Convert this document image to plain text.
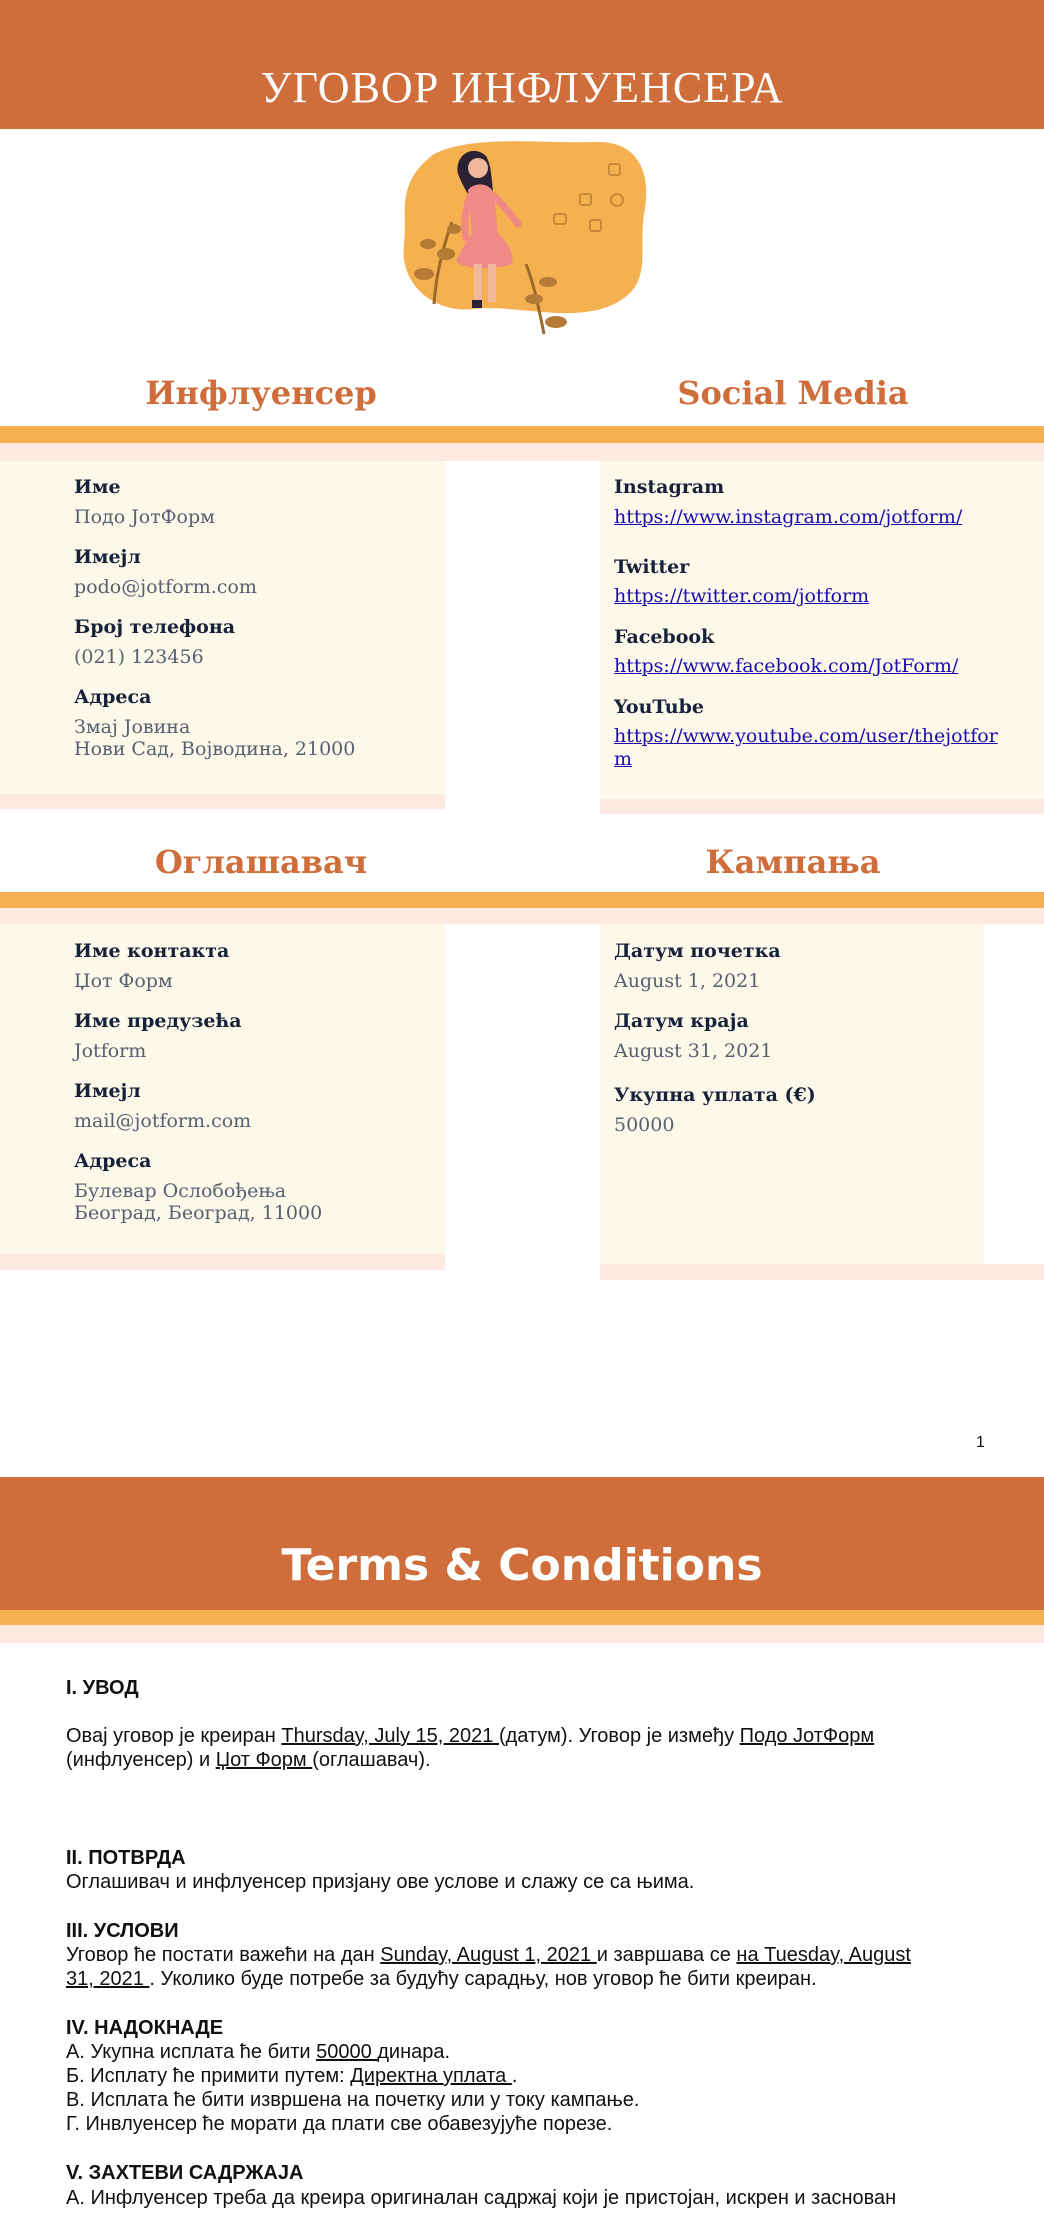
УГОВОР ИНФЛУЕНСЕРА
Инфлуенсер	Social Media
Име
Подо ЈотФорм
Имејл
podo@jotform.com
Број телефона
(021) 123456
Адреса
Змај Јовина
Нови Сад, Војводина, 21000
Instagram
https://www.instagram.com/jotform/
Twitter
https://twitter.com/jotform
Facebook
https://www.facebook.com/JotForm/
YouTube
https://www.youtube.com/user/thejotfor
m
Оглашавач	Кампања
Име контакта
Џот Форм
Име предузећа
Jotform
Имејл
mail@jotform.com
Адреса
Булевар Ослобођења
Београд, Београд, 11000
Датум почетка
August 1, 2021
Датум краја
August 31, 2021
Укупна уплата (€)
50000
1
Terms & Conditions
I. УВОД
Овај уговор је креиран Thursday, July 15, 2021 (датум). Уговор је између Подо ЈотФорм
(инфлуенсер) и Џот Форм (оглашавач).
II. ПОТВРДА
Оглашивач и инфлуенсер призјану ове услове и слажу се са њима.
III. УСЛОВИ
Уговор ће постати важећи на дан Sunday, August 1, 2021 и завршава се на Tuesday, August
31, 2021 . Уколико буде потребе за будућу сарадњу, нов уговор ће бити креиран.
IV. НАДОКНАДЕ
А. Укупна исплата ће бити 50000 динара.
Б. Исплату ће примити путем: Директна уплата .
В. Исплата ће бити извршена на почетку или у току кампање.
Г. Инвлуенсер ће морати да плати све обавезујуће порезе.
V. ЗАХТЕВИ САДРЖАЈА
А. Инфлуенсер треба да креира оригиналан садржај који је пристојан, искрен и заснован
